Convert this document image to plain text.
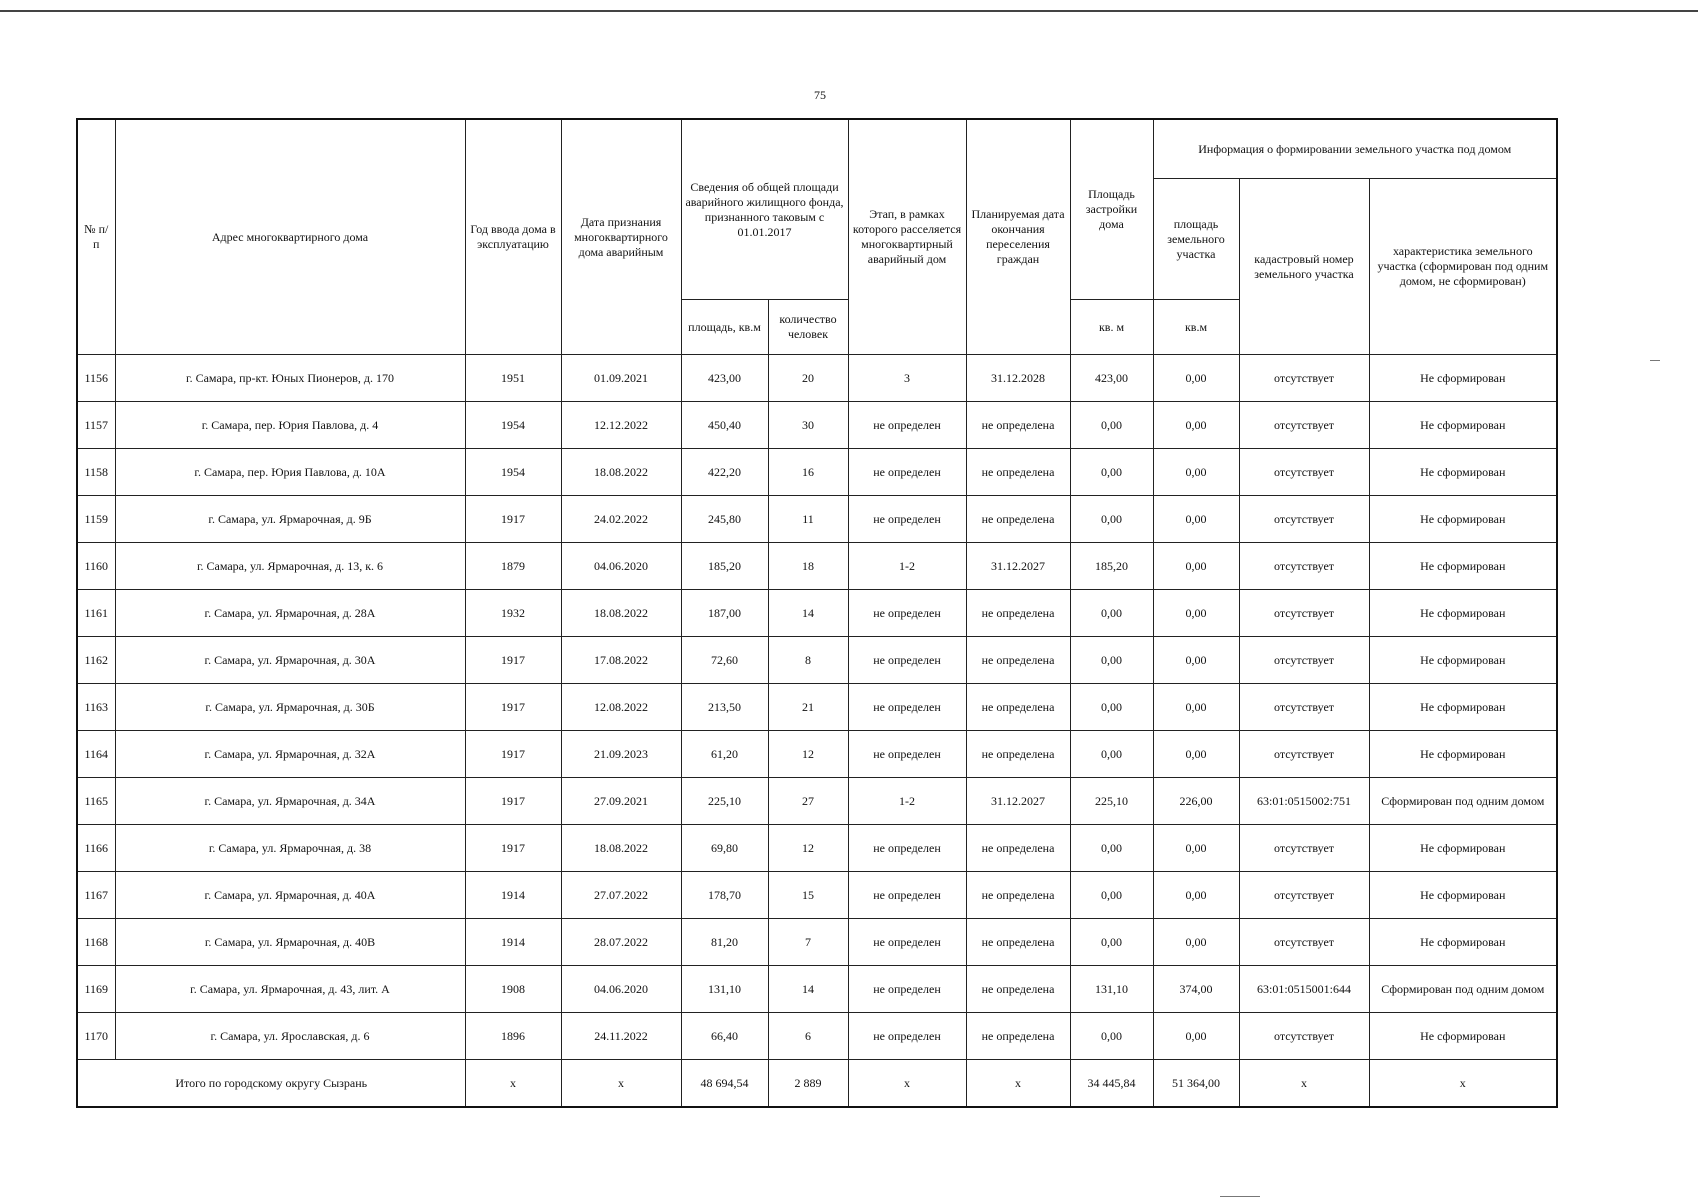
75
№ п/п	Адрес многоквартирного дома	Год ввода дома в эксплуатацию	Дата признания многоквартирного дома аварийным	Сведения об общей площади аварийного жилищного фонда, признанного таковым с 01.01.2017		Этап, в рамках которого расселяется многоквартирный аварийный дом	Планируемая дата окончания переселения граждан	Площадь застройки дома	Информация о формировании земельного участка под домом		
									площадь земельного участка	кадастровый номер земельного участка	характеристика земельного участка (сформирован под одним домом, не сформирован)
				площадь, кв.м	количество человек			кв. м	кв.м		
1156	г. Самара, пр-кт. Юных Пионеров, д. 170	1951	01.09.2021	423,00	20	3	31.12.2028	423,00	0,00	отсутствует	Не сформирован
1157	г. Самара, пер. Юрия Павлова, д. 4	1954	12.12.2022	450,40	30	не определен	не определена	0,00	0,00	отсутствует	Не сформирован
1158	г. Самара, пер. Юрия Павлова, д. 10А	1954	18.08.2022	422,20	16	не определен	не определена	0,00	0,00	отсутствует	Не сформирован
1159	г. Самара, ул. Ярмарочная, д. 9Б	1917	24.02.2022	245,80	11	не определен	не определена	0,00	0,00	отсутствует	Не сформирован
1160	г. Самара, ул. Ярмарочная, д. 13, к. 6	1879	04.06.2020	185,20	18	1-2	31.12.2027	185,20	0,00	отсутствует	Не сформирован
1161	г. Самара, ул. Ярмарочная, д. 28А	1932	18.08.2022	187,00	14	не определен	не определена	0,00	0,00	отсутствует	Не сформирован
1162	г. Самара, ул. Ярмарочная, д. 30А	1917	17.08.2022	72,60	8	не определен	не определена	0,00	0,00	отсутствует	Не сформирован
1163	г. Самара, ул. Ярмарочная, д. 30Б	1917	12.08.2022	213,50	21	не определен	не определена	0,00	0,00	отсутствует	Не сформирован
1164	г. Самара, ул. Ярмарочная, д. 32А	1917	21.09.2023	61,20	12	не определен	не определена	0,00	0,00	отсутствует	Не сформирован
1165	г. Самара, ул. Ярмарочная, д. 34А	1917	27.09.2021	225,10	27	1-2	31.12.2027	225,10	226,00	63:01:0515002:751	Сформирован под одним домом
1166	г. Самара, ул. Ярмарочная, д. 38	1917	18.08.2022	69,80	12	не определен	не определена	0,00	0,00	отсутствует	Не сформирован
1167	г. Самара, ул. Ярмарочная, д. 40А	1914	27.07.2022	178,70	15	не определен	не определена	0,00	0,00	отсутствует	Не сформирован
1168	г. Самара, ул. Ярмарочная, д. 40В	1914	28.07.2022	81,20	7	не определен	не определена	0,00	0,00	отсутствует	Не сформирован
1169	г. Самара, ул. Ярмарочная, д. 43, лит. А	1908	04.06.2020	131,10	14	не определен	не определена	131,10	374,00	63:01:0515001:644	Сформирован под одним домом
1170	г. Самара, ул. Ярославская, д. 6	1896	24.11.2022	66,40	6	не определен	не определена	0,00	0,00	отсутствует	Не сформирован
Итого по городскому округу Сызрань		x	x	48 694,54	2 889	x	x	34 445,84	51 364,00	x	x
